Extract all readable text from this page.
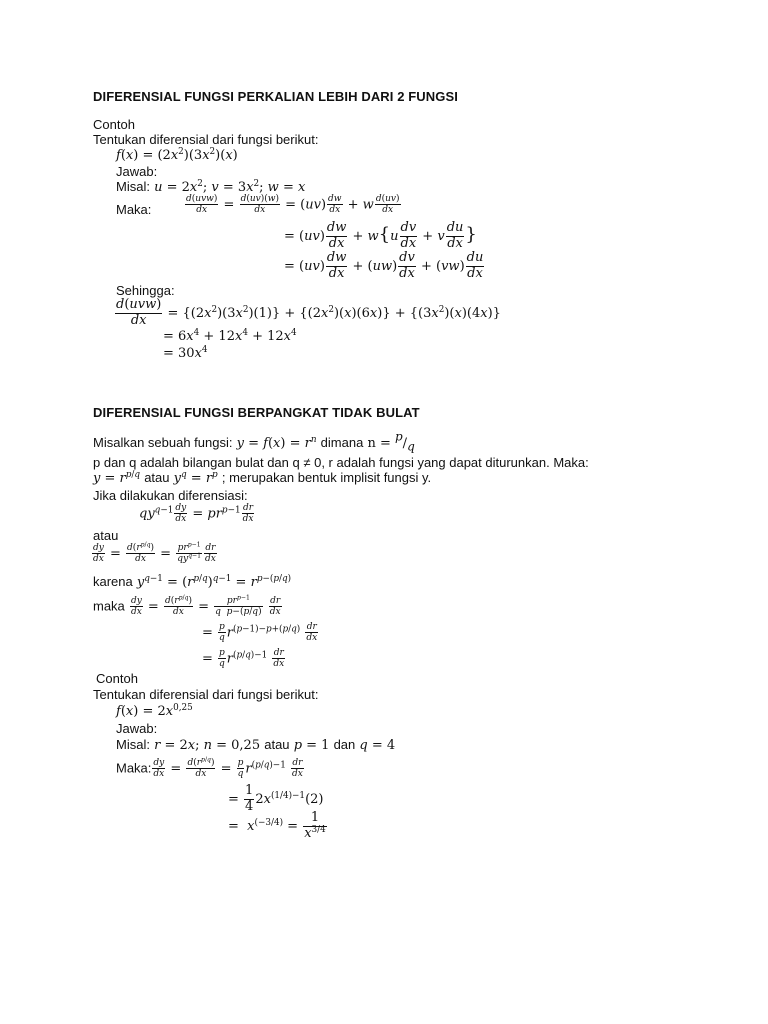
DIFERENSIAL FUNGSI PERKALIAN LEBIH DARI 2 FUNGSI
Contoh
Tentukan diferensial dari fungsi berikut:
$f(x) = (2x^2)(3x^2)(x)$
Jawab:
Misal: $u = 2x^2$; $v = 3x^2$; w = x
Maka:	$\frac{\text{d(uvw)}}{dx} = \frac{d(uv)(w)}{dx} = (uv) \frac{dw}{dx} + w \frac{d(uv)}{dx}$
= $(uv) \frac{dw}{dx} + w\{u \frac{dv}{dx} + v \frac{du}{dx}$ }
= $(uv) \frac{dw}{dx} + (uw) \frac{dv}{dx} + (vw) \frac{du}{dx}$
Sehingga:
$\frac{\text{d(uvw)}}{dx} = \{(2x^2)(3x^2)(1)\} + \{(2x^2)(x)(6x)\} + \{(3x^2)(x)(4x)\}$
= $6x^4 + 12x^4 + 12x^4$
= $30x^4$
DIFERENSIAL FUNGSI BERPANGKAT TIDAK BULAT
Misalkan sebuah fungsi: $y = f(x) = r^n$ dimana $n = ^p/_q$
p dan q adalah bilangan bulat dan q ≠ 0, r adalah fungsi yang dapat diturunkan. Maka:
$y = r^{p/q}$ atau $y^q = r^p$ ; merupakan bentuk implisit fungsi y.
Jika dilakukan diferensiasi:
$qy^{q-1} \frac{dy}{dx} = pr^{p-1} \frac{dr}{dx}$
atau
$\frac{dy}{dx} = \frac{d(r^{p/q})}{dx} = \frac{pr^{p-1}}{qy^{q-1}} \frac{dr}{dx}$
karena $y^{q-1} = (r^{p/q})^{q-1} = r^{p-(p/q)}$
maka $\frac{dy}{dx} = \frac{d(r^{p/q})}{dx} = \frac{pr^{p-1}}{\text{q p−(p/q)}}$
$\frac{dr}{dx}$
= $\frac{p}{q} r^{(p-1)-p+(p/q)} \frac{dr}{dx}$
= $\frac{p}{q} r^{(p/q)-1} \frac{dr}{dx}$
Contoh
Tentukan diferensial dari fungsi berikut:
$f(x) = 2x^{0,25}$
Jawab:
Misal: r = 2x; n = 0,25 atau p = 1 dan q = 4
Maka: $\frac{dy}{dx} = \frac{d(r^{p/q})}{dx} = \frac{p}{q} r^{(p/q)-1} \frac{dr}{dx}$
= $\frac{1}{4} 2x^{(1/4)-1}(2)$
=  $x^{(-3/4)} = \frac{1}{x^{3/4}}$
